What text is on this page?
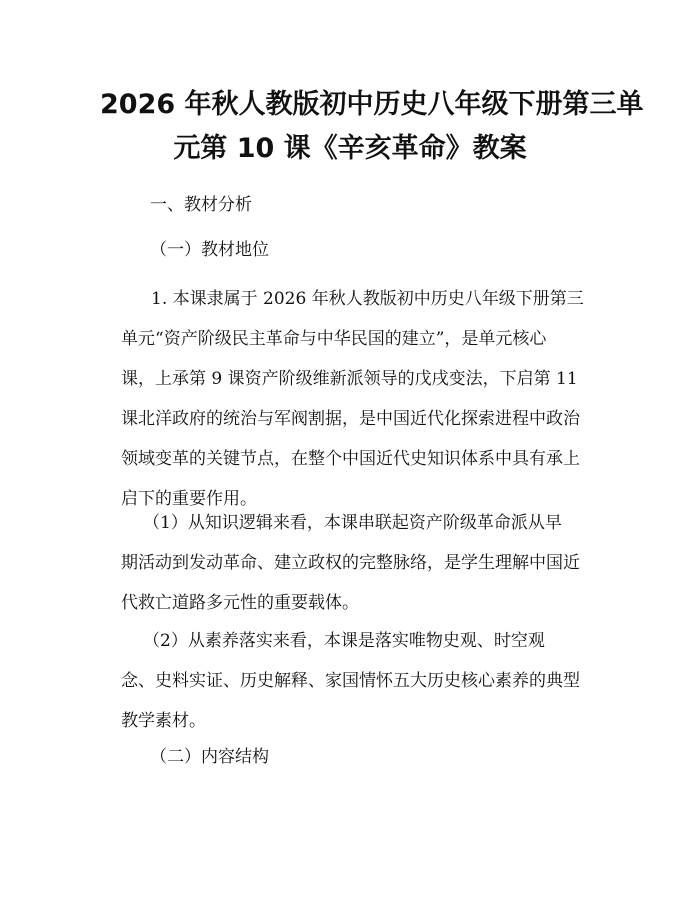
2026 年秋人教版初中历史八年级下册第三单
元第 10 课《辛亥革命》教案
一、教材分析
（一）教材地位
1. 本课隶属于 2026 年秋人教版初中历史八年级下册第三
单元“资产阶级民主革命与中华民国的建立”，是单元核心
课，上承第 9 课资产阶级维新派领导的戊戌变法，下启第 11
课北洋政府的统治与军阀割据，是中国近代化探索进程中政治
领域变革的关键节点，在整个中国近代史知识体系中具有承上
启下的重要作用。
（1）从知识逻辑来看，本课串联起资产阶级革命派从早
期活动到发动革命、建立政权的完整脉络，是学生理解中国近
代救亡道路多元性的重要载体。
（2）从素养落实来看，本课是落实唯物史观、时空观
念、史料实证、历史解释、家国情怀五大历史核心素养的典型
教学素材。
（二）内容结构
